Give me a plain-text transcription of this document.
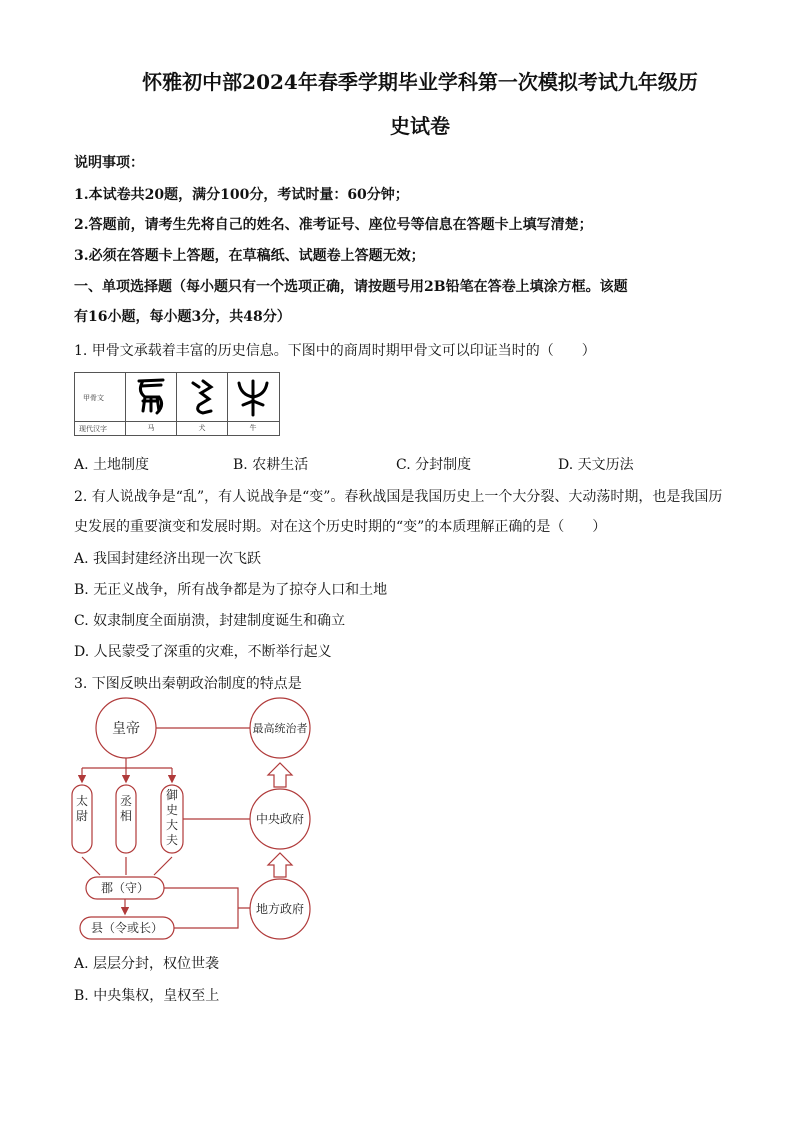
怀雅初中部2024年春季学期毕业学科第一次模拟考试九年级历
史试卷
说明事项：
1.本试卷共20题，满分100分，考试时量：60分钟；
2.答题前，请考生先将自己的姓名、准考证号、座位号等信息在答题卡上填写清楚；
3.必须在答题卡上答题，在草稿纸、试题卷上答题无效；
一、单项选择题（每小题只有一个选项正确，请按题号用2B铅笔在答卷上填涂方框。该题
有16小题，每小题3分，共48分）
1. 甲骨文承载着丰富的历史信息。下图中的商周时期甲骨文可以印证当时的（　　）
甲骨文
现代汉字	马	犬	牛
A. 土地制度	B. 农耕生活	C. 分封制度	D. 天文历法
2. 有人说战争是“乱”，有人说战争是“变”。春秋战国是我国历史上一个大分裂、大动荡时期，也是我国历
史发展的重要演变和发展时期。对在这个历史时期的“变”的本质理解正确的是（　　）
A. 我国封建经济出现一次飞跃
B. 无正义战争，所有战争都是为了掠夺人口和土地
C. 奴隶制度全面崩溃，封建制度诞生和确立
D. 人民蒙受了深重的灾难，不断举行起义
3. 下图反映出秦朝政治制度的特点是
皇帝	最高统治者
中央政府
地方政府
太尉
丞相
御史大夫
郡（守）
县（令或长）
A. 层层分封，权位世袭
B. 中央集权，皇权至上
